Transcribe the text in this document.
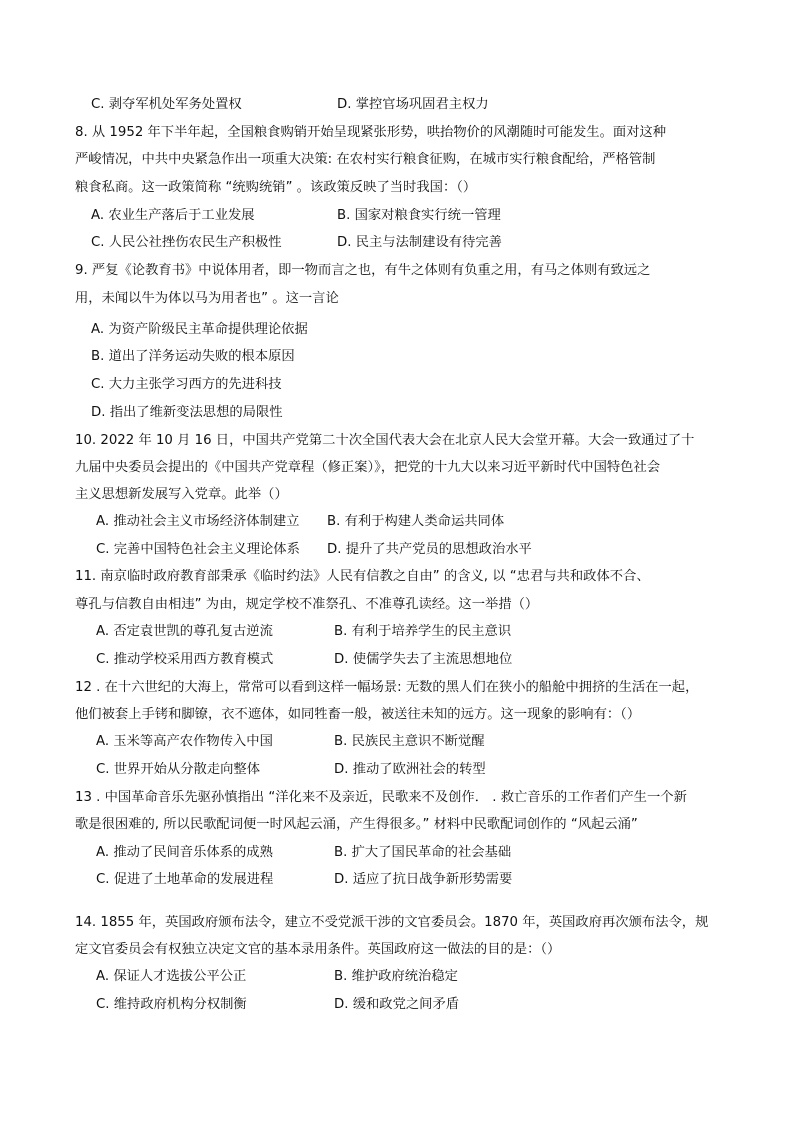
C. 剥夺军机处军务处置权	D. 掌控官场巩固君主权力
8. 从 1952 年下半年起，全国粮食购销开始呈现紧张形势，哄抬物价的风潮随时可能发生。面对这种
严峻情况，中共中央紧急作出一项重大决策: 在农村实行粮食征购，在城市实行粮食配给，严格管制
粮食私商。这一政策简称 “统购统销” 。该政策反映了当时我国：（）
A. 农业生产落后于工业发展	B. 国家对粮食实行统一管理
C. 人民公社挫伤农民生产积极性	D. 民主与法制建设有待完善
9. 严复《论教育书》中说体用者，即一物而言之也，有牛之体则有负重之用，有马之体则有致远之
用，未闻以牛为体以马为用者也” 。这一言论
A. 为资产阶级民主革命提供理论依据
B. 道出了洋务运动失败的根本原因
C. 大力主张学习西方的先进科技
D. 指出了维新变法思想的局限性
10. 2022 年 10 月 16 日，中国共产党第二十次全国代表大会在北京人民大会堂开幕。大会一致通过了十
九届中央委员会提出的《中国共产党章程（修正案）》，把党的十九大以来习近平新时代中国特色社会
主义思想新发展写入党章。此举（）
A. 推动社会主义市场经济体制建立 B. 有利于构建人类命运共同体
C. 完善中国特色社会主义理论体系 D. 提升了共产党员的思想政治水平
11. 南京临时政府教育部秉承《临时约法》人民有信教之自由” 的含义, 以 “忠君与共和政体不合、
尊孔与信教自由相违” 为由，规定学校不准祭孔、不准尊孔读经。这一举措（）
A. 否定袁世凯的尊孔复古逆流	B. 有利于培养学生的民主意识
C. 推动学校采用西方教育模式	D. 使儒学失去了主流思想地位
12 . 在十六世纪的大海上，常常可以看到这样一幅场景: 无数的黑人们在狭小的船舱中拥挤的生活在一起，
他们被套上手铐和脚镣，衣不遮体，如同牲畜一般，被送往未知的远方。这一现象的影响有：（）
A. 玉米等高产农作物传入中国	B. 民族民主意识不断觉醒
C. 世界开始从分散走向整体	D. 推动了欧洲社会的转型
13 . 中国革命音乐先驱孙慎指出 “洋化来不及亲近，民歌来不及创作． . 救亡音乐的工作者们产生一个新
歌是很困难的, 所以民歌配词便一时风起云涌，产生得很多。” 材料中民歌配词创作的 “风起云涌”
A. 推动了民间音乐体系的成熟	B. 扩大了国民革命的社会基础
C. 促进了土地革命的发展进程	D. 适应了抗日战争新形势需要
14. 1855 年，英国政府颁布法令，建立不受党派干涉的文官委员会。1870 年，英国政府再次颁布法令，规
定文官委员会有权独立决定文官的基本录用条件。英国政府这一做法的目的是：（）
A. 保证人才选拔公平公正	B. 维护政府统治稳定
C. 维持政府机构分权制衡	D. 缓和政党之间矛盾
